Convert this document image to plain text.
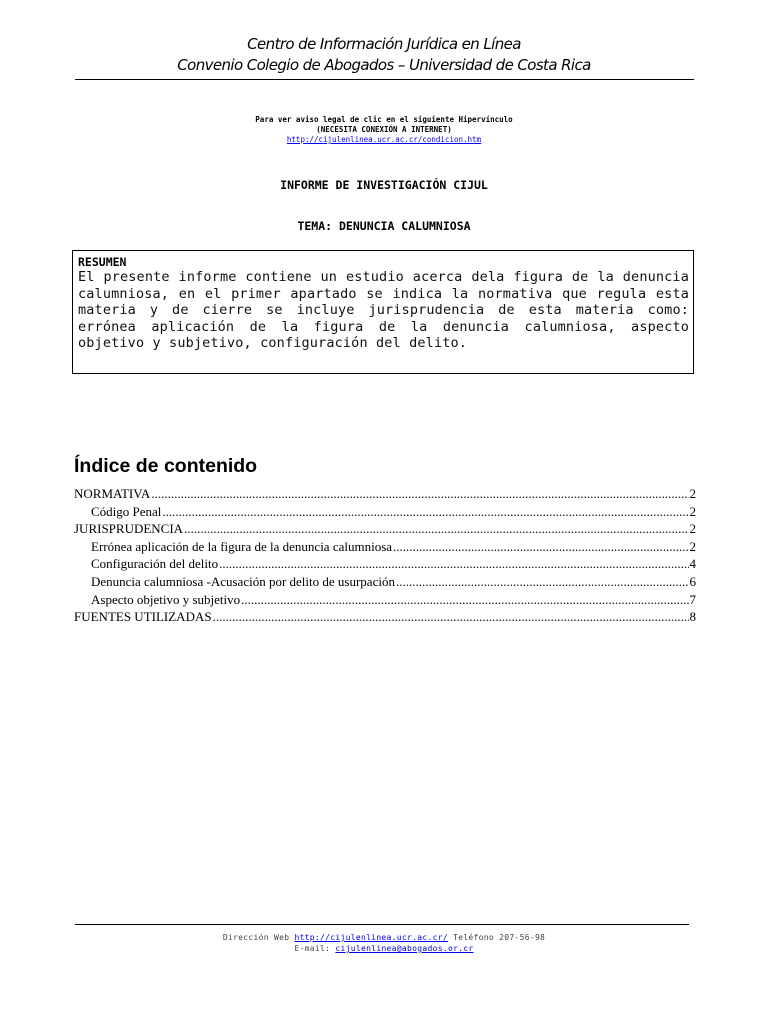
Centro de Información Jurídica en Línea
Convenio Colegio de Abogados – Universidad de Costa Rica
Para ver aviso legal de clic en el siguiente Hipervínculo
(NECESITA CONEXIÓN A INTERNET)
http://cijulenlinea.ucr.ac.cr/condicion.htm
INFORME DE INVESTIGACIÓN CIJUL
TEMA: DENUNCIA CALUMNIOSA
RESUMEN
El presente informe contiene un estudio acerca dela figura de la denuncia calumniosa, en el primer apartado se indica la normativa que regula esta materia y de cierre se incluye jurisprudencia de esta materia como: errónea aplicación de la figura de la denuncia calumniosa, aspecto objetivo y subjetivo, configuración del delito.
Índice de contenido
NORMATIVA .....	2
Código Penal .....	2
JURISPRUDENCIA .....	2
Errónea aplicación de la figura de la denuncia calumniosa .....	2
Configuración del delito .....	4
Denuncia calumniosa -Acusación por delito de usurpación .....	6
Aspecto objetivo y subjetivo .....	7
FUENTES UTILIZADAS .....	8
Dirección Web http://cijulenlinea.ucr.ac.cr/ Teléfono 207-56-98
E-mail: cijulenlinea@abogados.or.cr
